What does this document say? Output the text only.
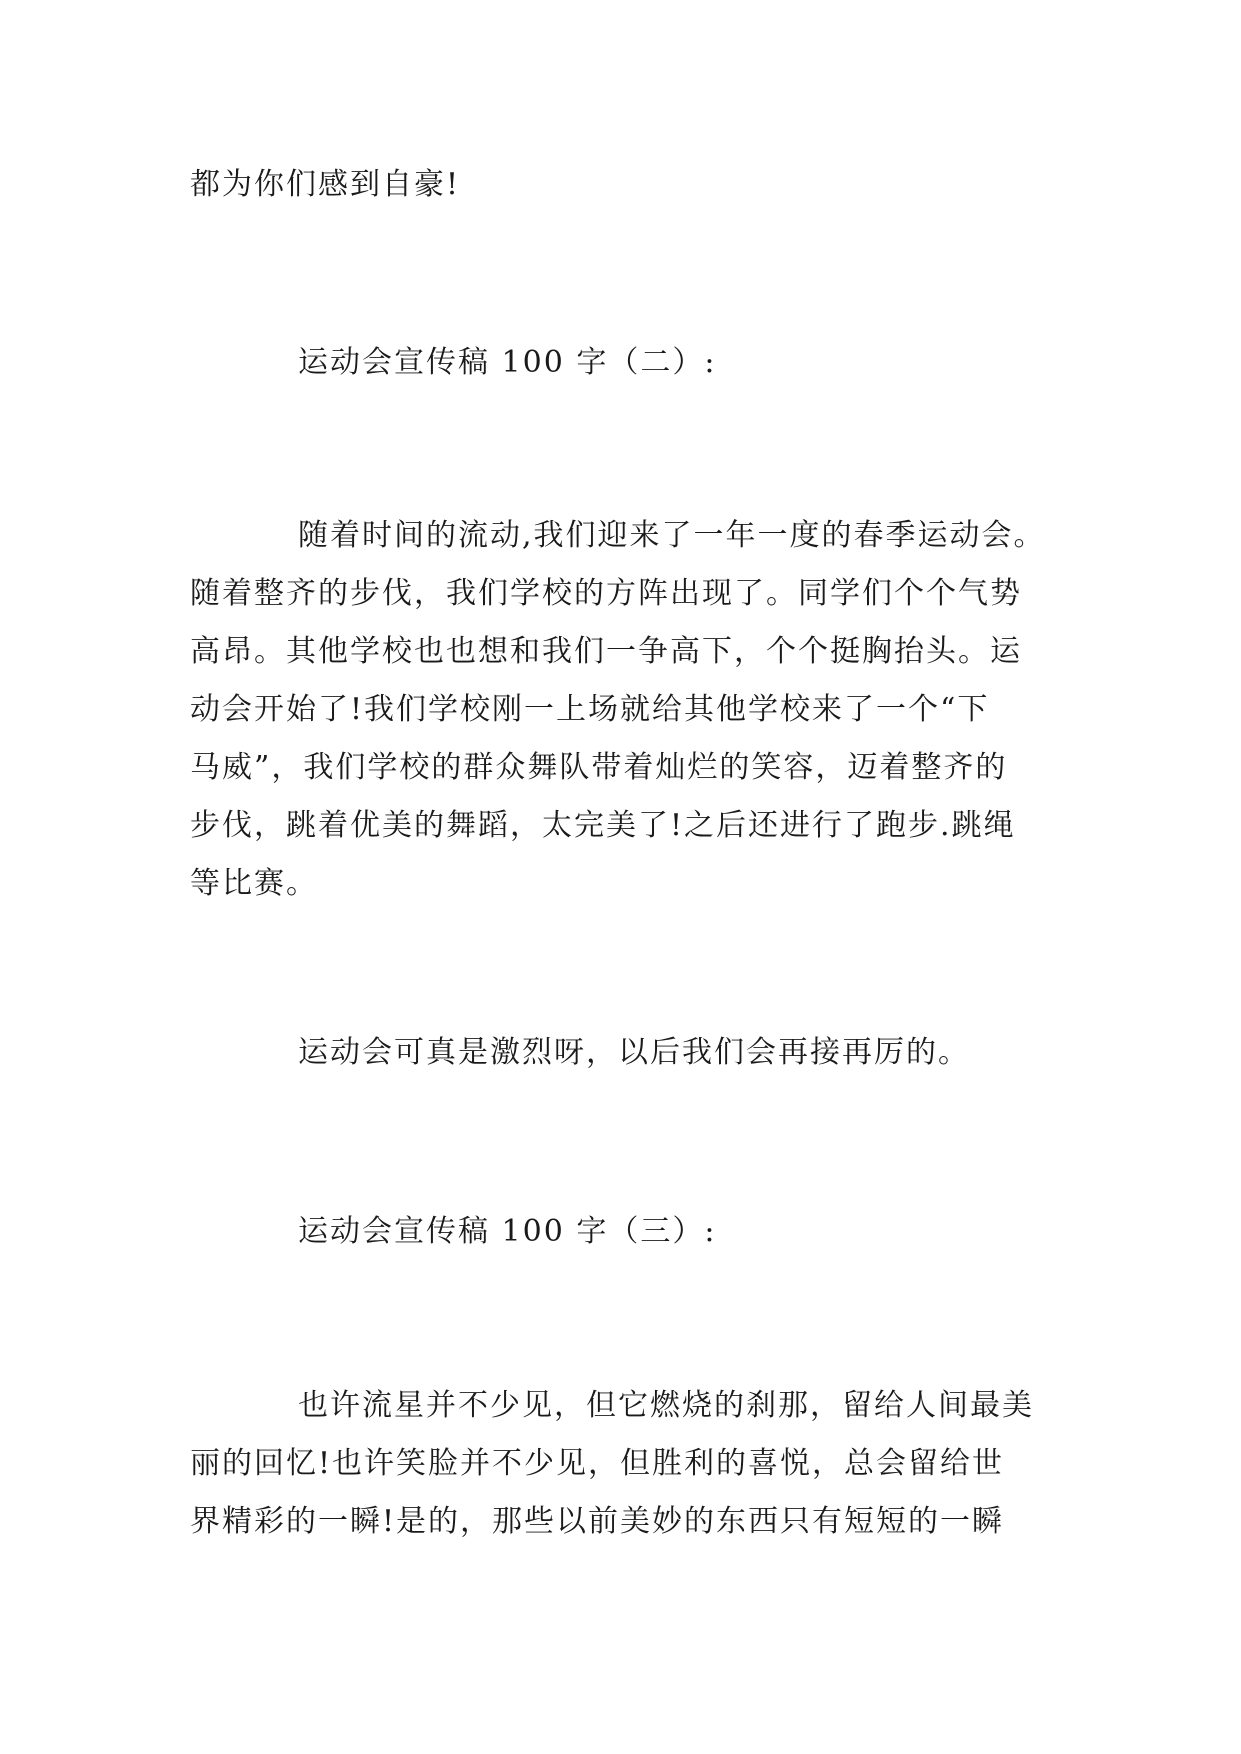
都为你们感到自豪!
运动会宣传稿 100 字（二）:
随着时间的流动,我们迎来了一年一度的春季运动会。
随着整齐的步伐，我们学校的方阵出现了。同学们个个气势
高昂。其他学校也也想和我们一争高下，个个挺胸抬头。运
动会开始了!我们学校刚一上场就给其他学校来了一个“下
马威”，我们学校的群众舞队带着灿烂的笑容，迈着整齐的
步伐，跳着优美的舞蹈，太完美了!之后还进行了跑步.跳绳
等比赛。
运动会可真是激烈呀，以后我们会再接再厉的。
运动会宣传稿 100 字（三）:
也许流星并不少见，但它燃烧的刹那，留给人间最美
丽的回忆!也许笑脸并不少见，但胜利的喜悦，总会留给世
界精彩的一瞬!是的，那些以前美妙的东西只有短短的一瞬
